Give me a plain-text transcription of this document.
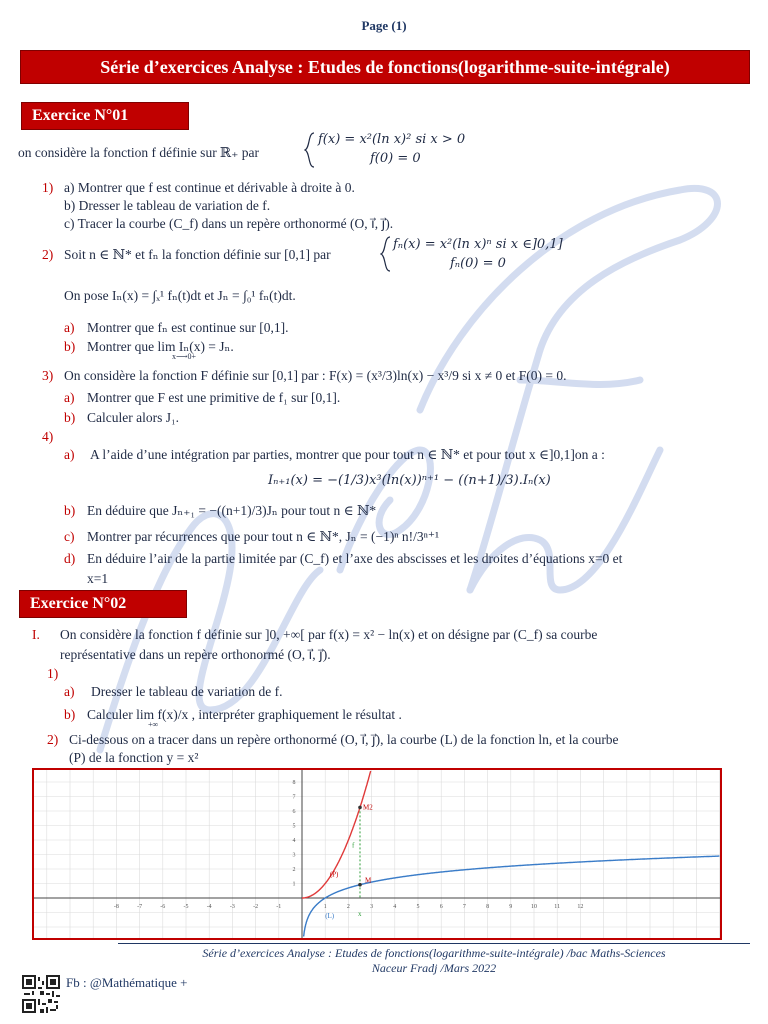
Page (1)
Série d’exercices Analyse : Etudes de fonctions(logarithme-suite-intégrale)
Exercice N°01
on considère la fonction f définie sur ℝ₊ par
f(x) = x²(ln x)² si x > 0
f(0) = 0
1) a) Montrer que f est continue et dérivable à droite à 0.
b) Dresser le tableau de variation de f.
c) Tracer la courbe (C_f) dans un repère orthonormé (O, i⃗, j⃗).
2) Soit n ∈ ℕ* et fₙ la fonction définie sur [0,1] par
fₙ(x) = x²(ln x)ⁿ si x ∈]0,1]
fₙ(0) = 0
On pose Iₙ(x) = ∫ₓ¹ fₙ(t)dt et Jₙ = ∫₀¹ fₙ(t)dt.
a) Montrer que fₙ est continue sur [0,1].
b) Montrer que lim Iₙ(x) = Jₙ.
x⟶0+
3) On considère la fonction F définie sur [0,1] par : F(x) = (x³/3)ln(x) − x³/9 si x ≠ 0 et F(0) = 0.
a) Montrer que F est une primitive de f₁ sur [0,1].
b) Calculer alors J₁.
4)
a) A l’aide d’une intégration par parties, montrer que pour tout n ∈ ℕ* et pour tout x ∈]0,1]on a :
Iₙ₊₁(x) = −(1/3)x³(ln(x))ⁿ⁺¹ − ((n+1)/3).Iₙ(x)
b) En déduire que Jₙ₊₁ = −((n+1)/3)Jₙ pour tout n ∈ ℕ*
c) Montrer par récurrences que pour tout n ∈ ℕ*, Jₙ = (−1)ⁿ n!/3ⁿ⁺¹
d) En déduire l’air de la partie limitée par (C_f) et l’axe des abscisses et les droites d’équations x=0 et
x=1
Exercice N°02
I. On considère la fonction f définie sur ]0, +∞[ par f(x) = x² − ln(x) et on désigne par (C_f) sa courbe
représentative dans un repère orthonormé (O, i⃗, j⃗).
1)
a) Dresser le tableau de variation de f.
b) Calculer lim f(x)/x , interpréter graphiquement le résultat .
+∞
2) Ci-dessous on a tracer dans un repère orthonormé (O, i⃗, j⃗), la courbe (L) de la fonction ln, et la courbe
(P) de la fonction y = x²
-8	-7	-6	-5	-4	-3	-2	-1	1	2	3	4	5	6	7	8	9	10	11	12
1
2
3
4
5
6
7
8
M2
M
x
f
(P)
(L)
Série d’exercices Analyse : Etudes de fonctions(logarithme-suite-intégrale) /bac Maths-Sciences
Naceur Fradj /Mars 2022
Fb : @Mathématique +
